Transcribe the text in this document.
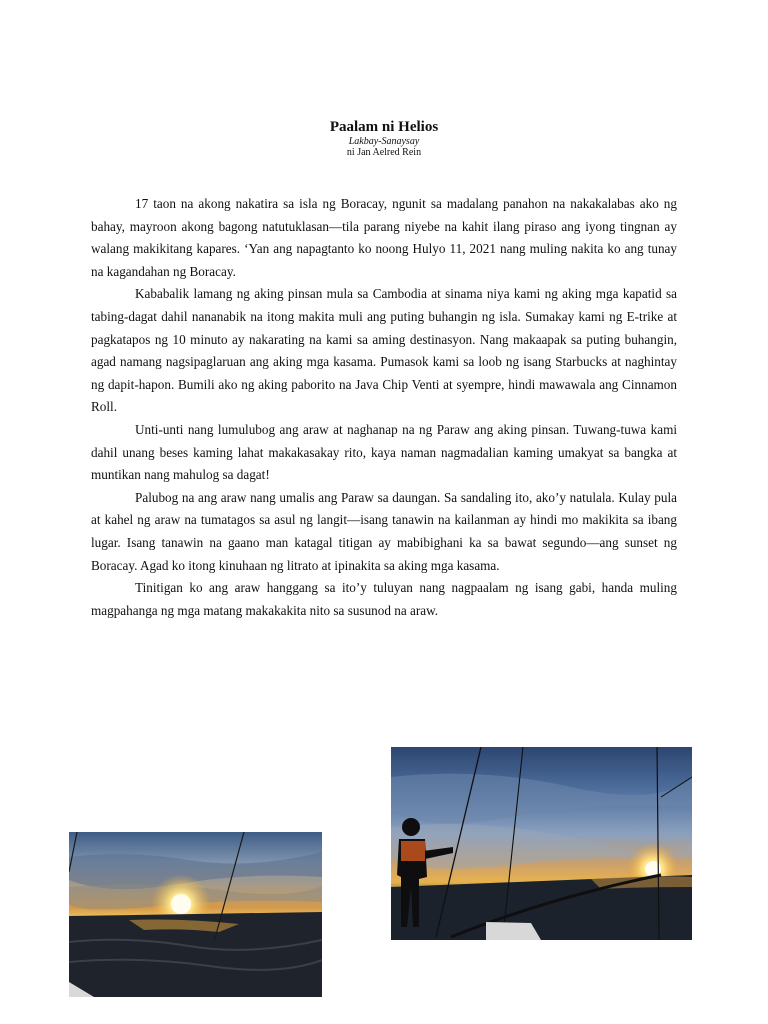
Paalam ni Helios

Lakbay-Sanaysay

ni Jan Aelred Rein

17 taon na akong nakatira sa isla ng Boracay, ngunit sa madalang panahon na nakakalabas ako ng bahay, mayroon akong bagong natutuklasan—tila parang niyebe na kahit ilang piraso ang iyong tingnan ay walang makikitang kapares. ‘Yan ang napagtanto ko noong Hulyo 11, 2021 nang muling nakita ko ang tunay na kagandahan ng Boracay.

Kababalik lamang ng aking pinsan mula sa Cambodia at sinama niya kami ng aking mga kapatid sa tabing-dagat dahil nananabik na itong makita muli ang puting buhangin ng isla. Sumakay kami ng E-trike at pagkatapos ng 10 minuto ay nakarating na kami sa aming destinasyon. Nang makaapak sa puting buhangin, agad namang nagsipaglaruan ang aking mga kasama. Pumasok kami sa loob ng isang Starbucks at naghintay ng dapit-hapon. Bumili ako ng aking paborito na Java Chip Venti at syempre, hindi mawawala ang Cinnamon Roll.

Unti-unti nang lumulubog ang araw at naghanap na ng Paraw ang aking pinsan. Tuwang-tuwa kami dahil unang beses kaming lahat makakasakay rito, kaya naman nagmadalian kaming umakyat sa bangka at muntikan nang mahulog sa dagat!

Palubog na ang araw nang umalis ang Paraw sa daungan. Sa sandaling ito, ako’y natulala. Kulay pula at kahel ng araw na tumatagos sa asul ng langit—isang tanawin na kailanman ay hindi mo makikita sa ibang lugar. Isang tanawin na gaano man katagal titigan ay mabibighani ka sa bawat segundo—ang sunset ng Boracay. Agad ko itong kinuhaan ng litrato at ipinakita sa aking mga kasama.

Tinitigan ko ang araw hanggang sa ito’y tuluyan nang nagpaalam ng isang gabi, handa muling magpahanga ng mga matang makakakita nito sa susunod na araw.
